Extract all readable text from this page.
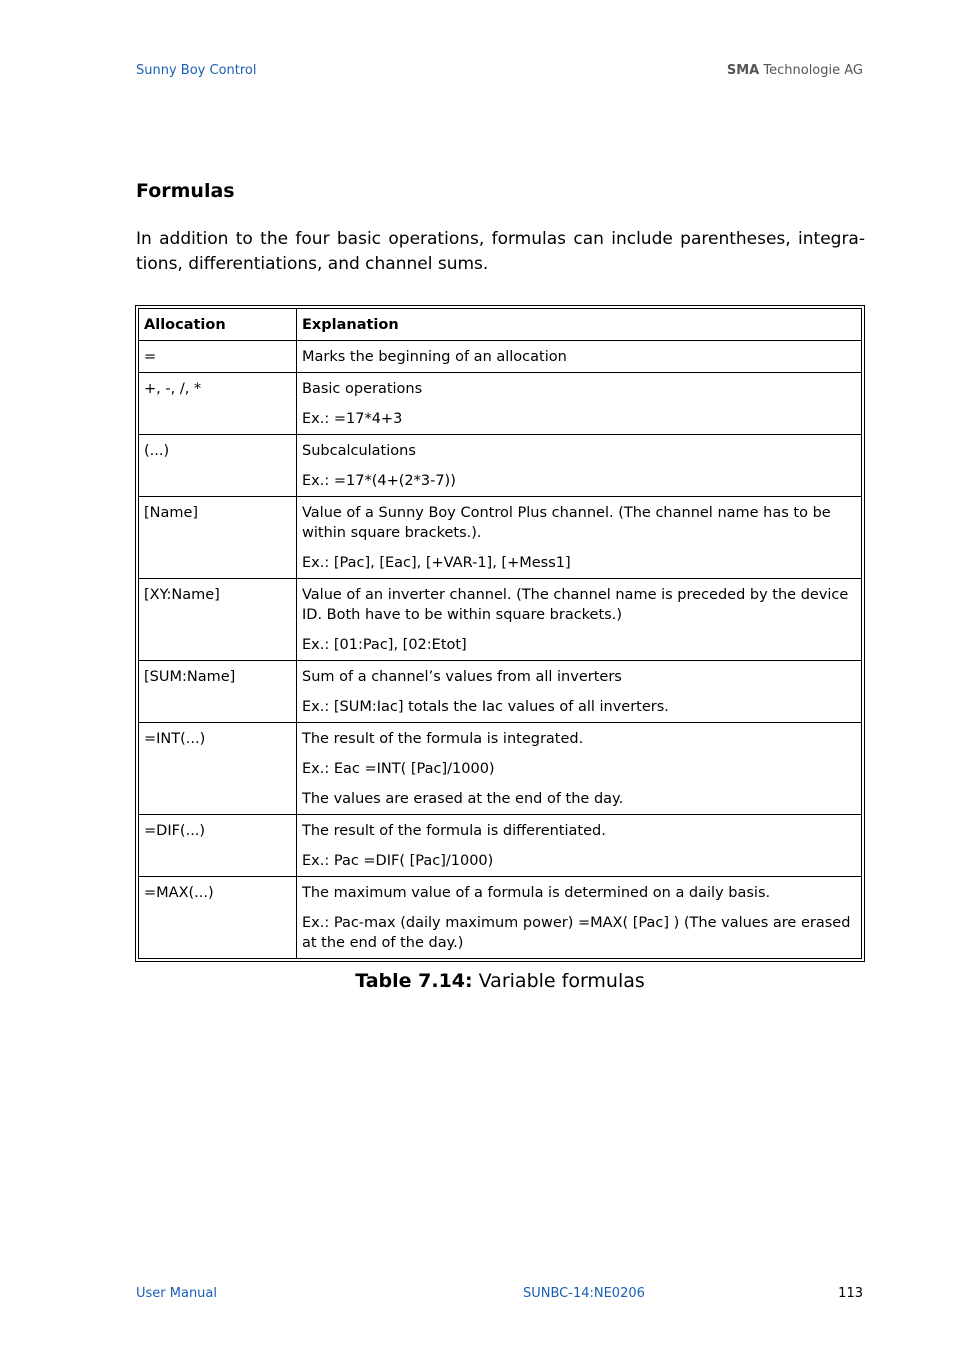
Sunny Boy Control	SMA Technologie AG
Formulas

In addition to the four basic operations, formulas can include parentheses, integra-tions, differentiations, and channel sums.

Allocation	Explanation
=	Marks the beginning of an allocation

+, -, /, *	Basic operations
Ex.: =17*4+3

(...)	Subcalculations
Ex.: =17*(4+(2*3-7))

[Name]	Value of a Sunny Boy Control Plus channel. (The channel name has to be within square brackets.).
Ex.: [Pac], [Eac], [+VAR-1], [+Mess1]

[XY:Name]	Value of an inverter channel. (The channel name is preceded by the device ID. Both have to be within square brackets.)
Ex.: [01:Pac], [02:Etot]

[SUM:Name]	Sum of a channel’s values from all inverters
Ex.: [SUM:Iac] totals the Iac values of all inverters.

=INT(...)	The result of the formula is integrated.
Ex.: Eac =INT( [Pac]/1000)
The values are erased at the end of the day.

=DIF(...)	The result of the formula is differentiated.
Ex.: Pac =DIF( [Pac]/1000)

=MAX(...)	The maximum value of a formula is determined on a daily basis.
Ex.: Pac-max (daily maximum power) =MAX( [Pac] ) (The values are erased at the end of the day.)
Table 7.14: Variable formulas
User Manual	SUNBC-14:NE0206	113
